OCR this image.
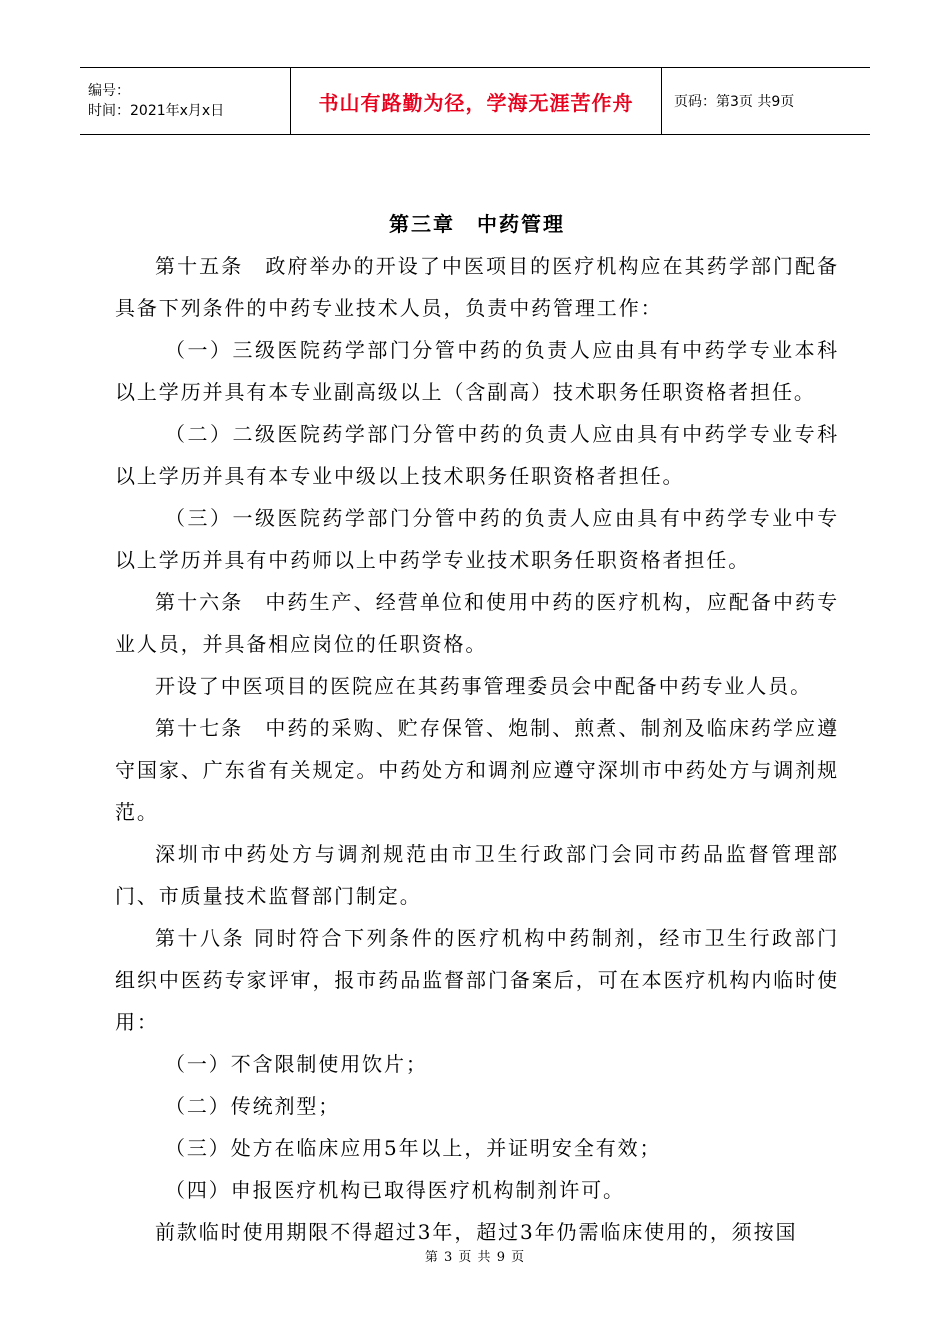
编号：
时间：2021年x月x日	书山有路勤为径，学海无涯苦作舟	页码：第3页 共9页

第三章　中药管理

第十五条　政府举办的开设了中医项目的医疗机构应在其药学部门配备具备下列条件的中药专业技术人员，负责中药管理工作：

（一）三级医院药学部门分管中药的负责人应由具有中药学专业本科以上学历并具有本专业副高级以上（含副高）技术职务任职资格者担任。

（二）二级医院药学部门分管中药的负责人应由具有中药学专业专科以上学历并具有本专业中级以上技术职务任职资格者担任。

（三）一级医院药学部门分管中药的负责人应由具有中药学专业中专以上学历并具有中药师以上中药学专业技术职务任职资格者担任。

第十六条　中药生产、经营单位和使用中药的医疗机构，应配备中药专业人员，并具备相应岗位的任职资格。

开设了中医项目的医院应在其药事管理委员会中配备中药专业人员。

第十七条　中药的采购、贮存保管、炮制、煎煮、制剂及临床药学应遵守国家、广东省有关规定。中药处方和调剂应遵守深圳市中药处方与调剂规范。

深圳市中药处方与调剂规范由市卫生行政部门会同市药品监督管理部门、市质量技术监督部门制定。

第十八条 同时符合下列条件的医疗机构中药制剂，经市卫生行政部门组织中医药专家评审，报市药品监督部门备案后，可在本医疗机构内临时使用：

（一）不含限制使用饮片；

（二）传统剂型；

（三）处方在临床应用5年以上，并证明安全有效；

（四）申报医疗机构已取得医疗机构制剂许可。

前款临时使用期限不得超过3年，超过3年仍需临床使用的，须按国

第 3 页 共 9 页
